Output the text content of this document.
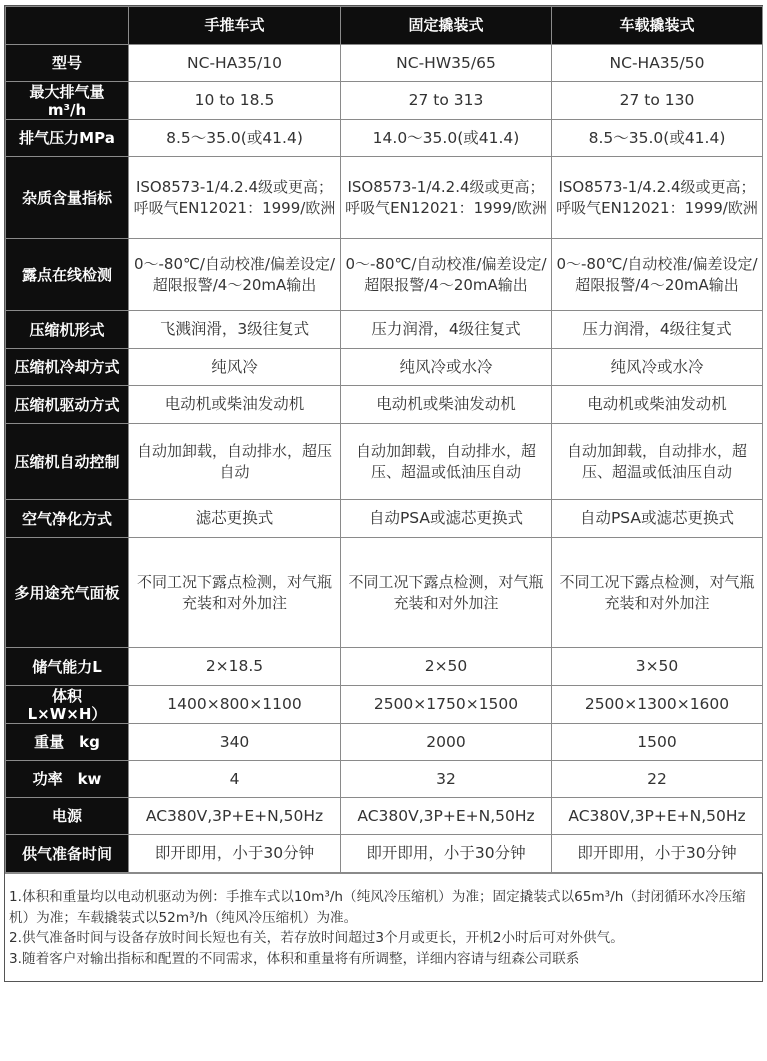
	手推车式	固定撬装式	车载撬装式
型号	NC-HA35/10	NC-HW35/65	NC-HA35/50

最大排气量
m³/h	10 to 18.5	27 to 313	27 to 130
排气压力MPa	8.5～35.0(或41.4)	14.0～35.0(或41.4)	8.5～35.0(或41.4)
杂质含量指标	ISO8573-1/4.2.4级或更高；呼吸气EN12021：1999/欧洲	ISO8573-1/4.2.4级或更高；呼吸气EN12021：1999/欧洲	ISO8573-1/4.2.4级或更高；呼吸气EN12021：1999/欧洲
露点在线检测	0～-80℃/自动校准/偏差设定/超限报警/4～20mA输出	0～-80℃/自动校准/偏差设定/超限报警/4～20mA输出	0～-80℃/自动校准/偏差设定/超限报警/4～20mA输出
压缩机形式	飞溅润滑，3级往复式	压力润滑，4级往复式	压力润滑，4级往复式
压缩机冷却方式	纯风冷	纯风冷或水冷	纯风冷或水冷
压缩机驱动方式	电动机或柴油发动机	电动机或柴油发动机	电动机或柴油发动机
压缩机自动控制	自动加卸载，自动排水，超压自动	自动加卸载，自动排水，超压、超温或低油压自动	自动加卸载，自动排水，超压、超温或低油压自动
空气净化方式	滤芯更换式	自动PSA或滤芯更换式	自动PSA或滤芯更换式
多用途充气面板	不同工况下露点检测，对气瓶充装和对外加注	不同工况下露点检测，对气瓶充装和对外加注	不同工况下露点检测，对气瓶充装和对外加注
储气能力L	2×18.5	2×50	3×50

体积
L×W×H）	1400×800×1100	2500×1750×1500	2500×1300×1600
重量　kg	340	2000	1500
功率　kw	4	32	22
电源	AC380V,3P+E+N,50Hz	AC380V,3P+E+N,50Hz	AC380V,3P+E+N,50Hz
供气准备时间	即开即用，小于30分钟	即开即用，小于30分钟	即开即用，小于30分钟
1.体积和重量均以电动机驱动为例：手推车式以10m³/h（纯风冷压缩机）为准；固定撬装式以65m³/h（封闭循环水冷压缩机）为准；车载撬装式以52m³/h（纯风冷压缩机）为准。
2.供气准备时间与设备存放时间长短也有关，若存放时间超过3个月或更长，开机2小时后可对外供气。
3.随着客户对输出指标和配置的不同需求，体积和重量将有所调整，详细内容请与纽森公司联系
